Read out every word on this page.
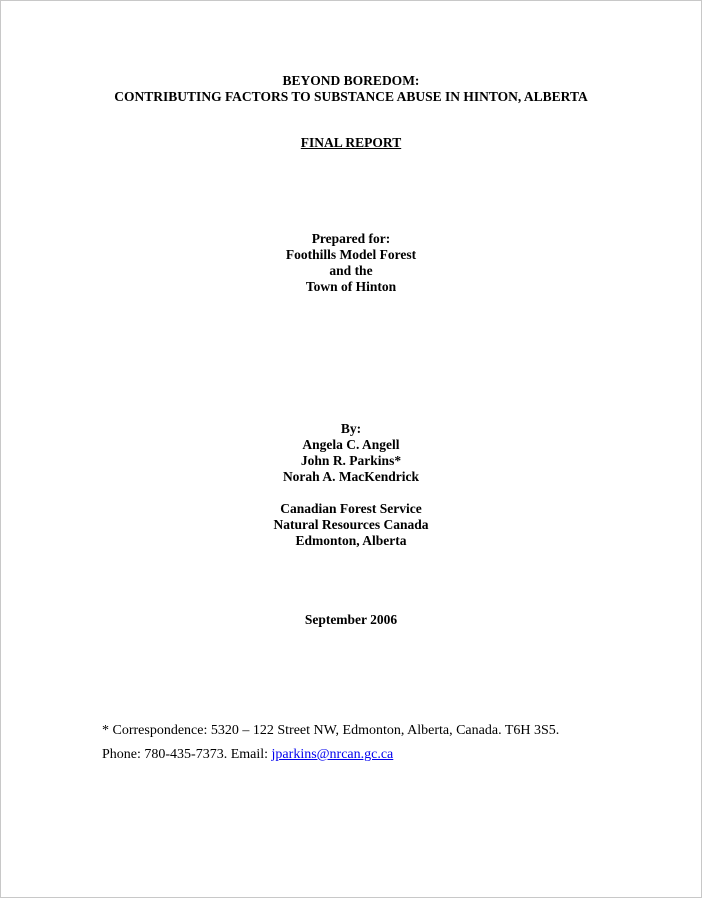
BEYOND BOREDOM:
CONTRIBUTING FACTORS TO SUBSTANCE ABUSE IN HINTON, ALBERTA
FINAL REPORT
Prepared for:
Foothills Model Forest
and the
Town of Hinton
By:
Angela C. Angell
John R. Parkins*
Norah A. MacKendrick
Canadian Forest Service
Natural Resources Canada
Edmonton, Alberta
September 2006
* Correspondence: 5320 – 122 Street NW, Edmonton, Alberta, Canada. T6H 3S5.
Phone: 780-435-7373. Email: jparkins@nrcan.gc.ca
